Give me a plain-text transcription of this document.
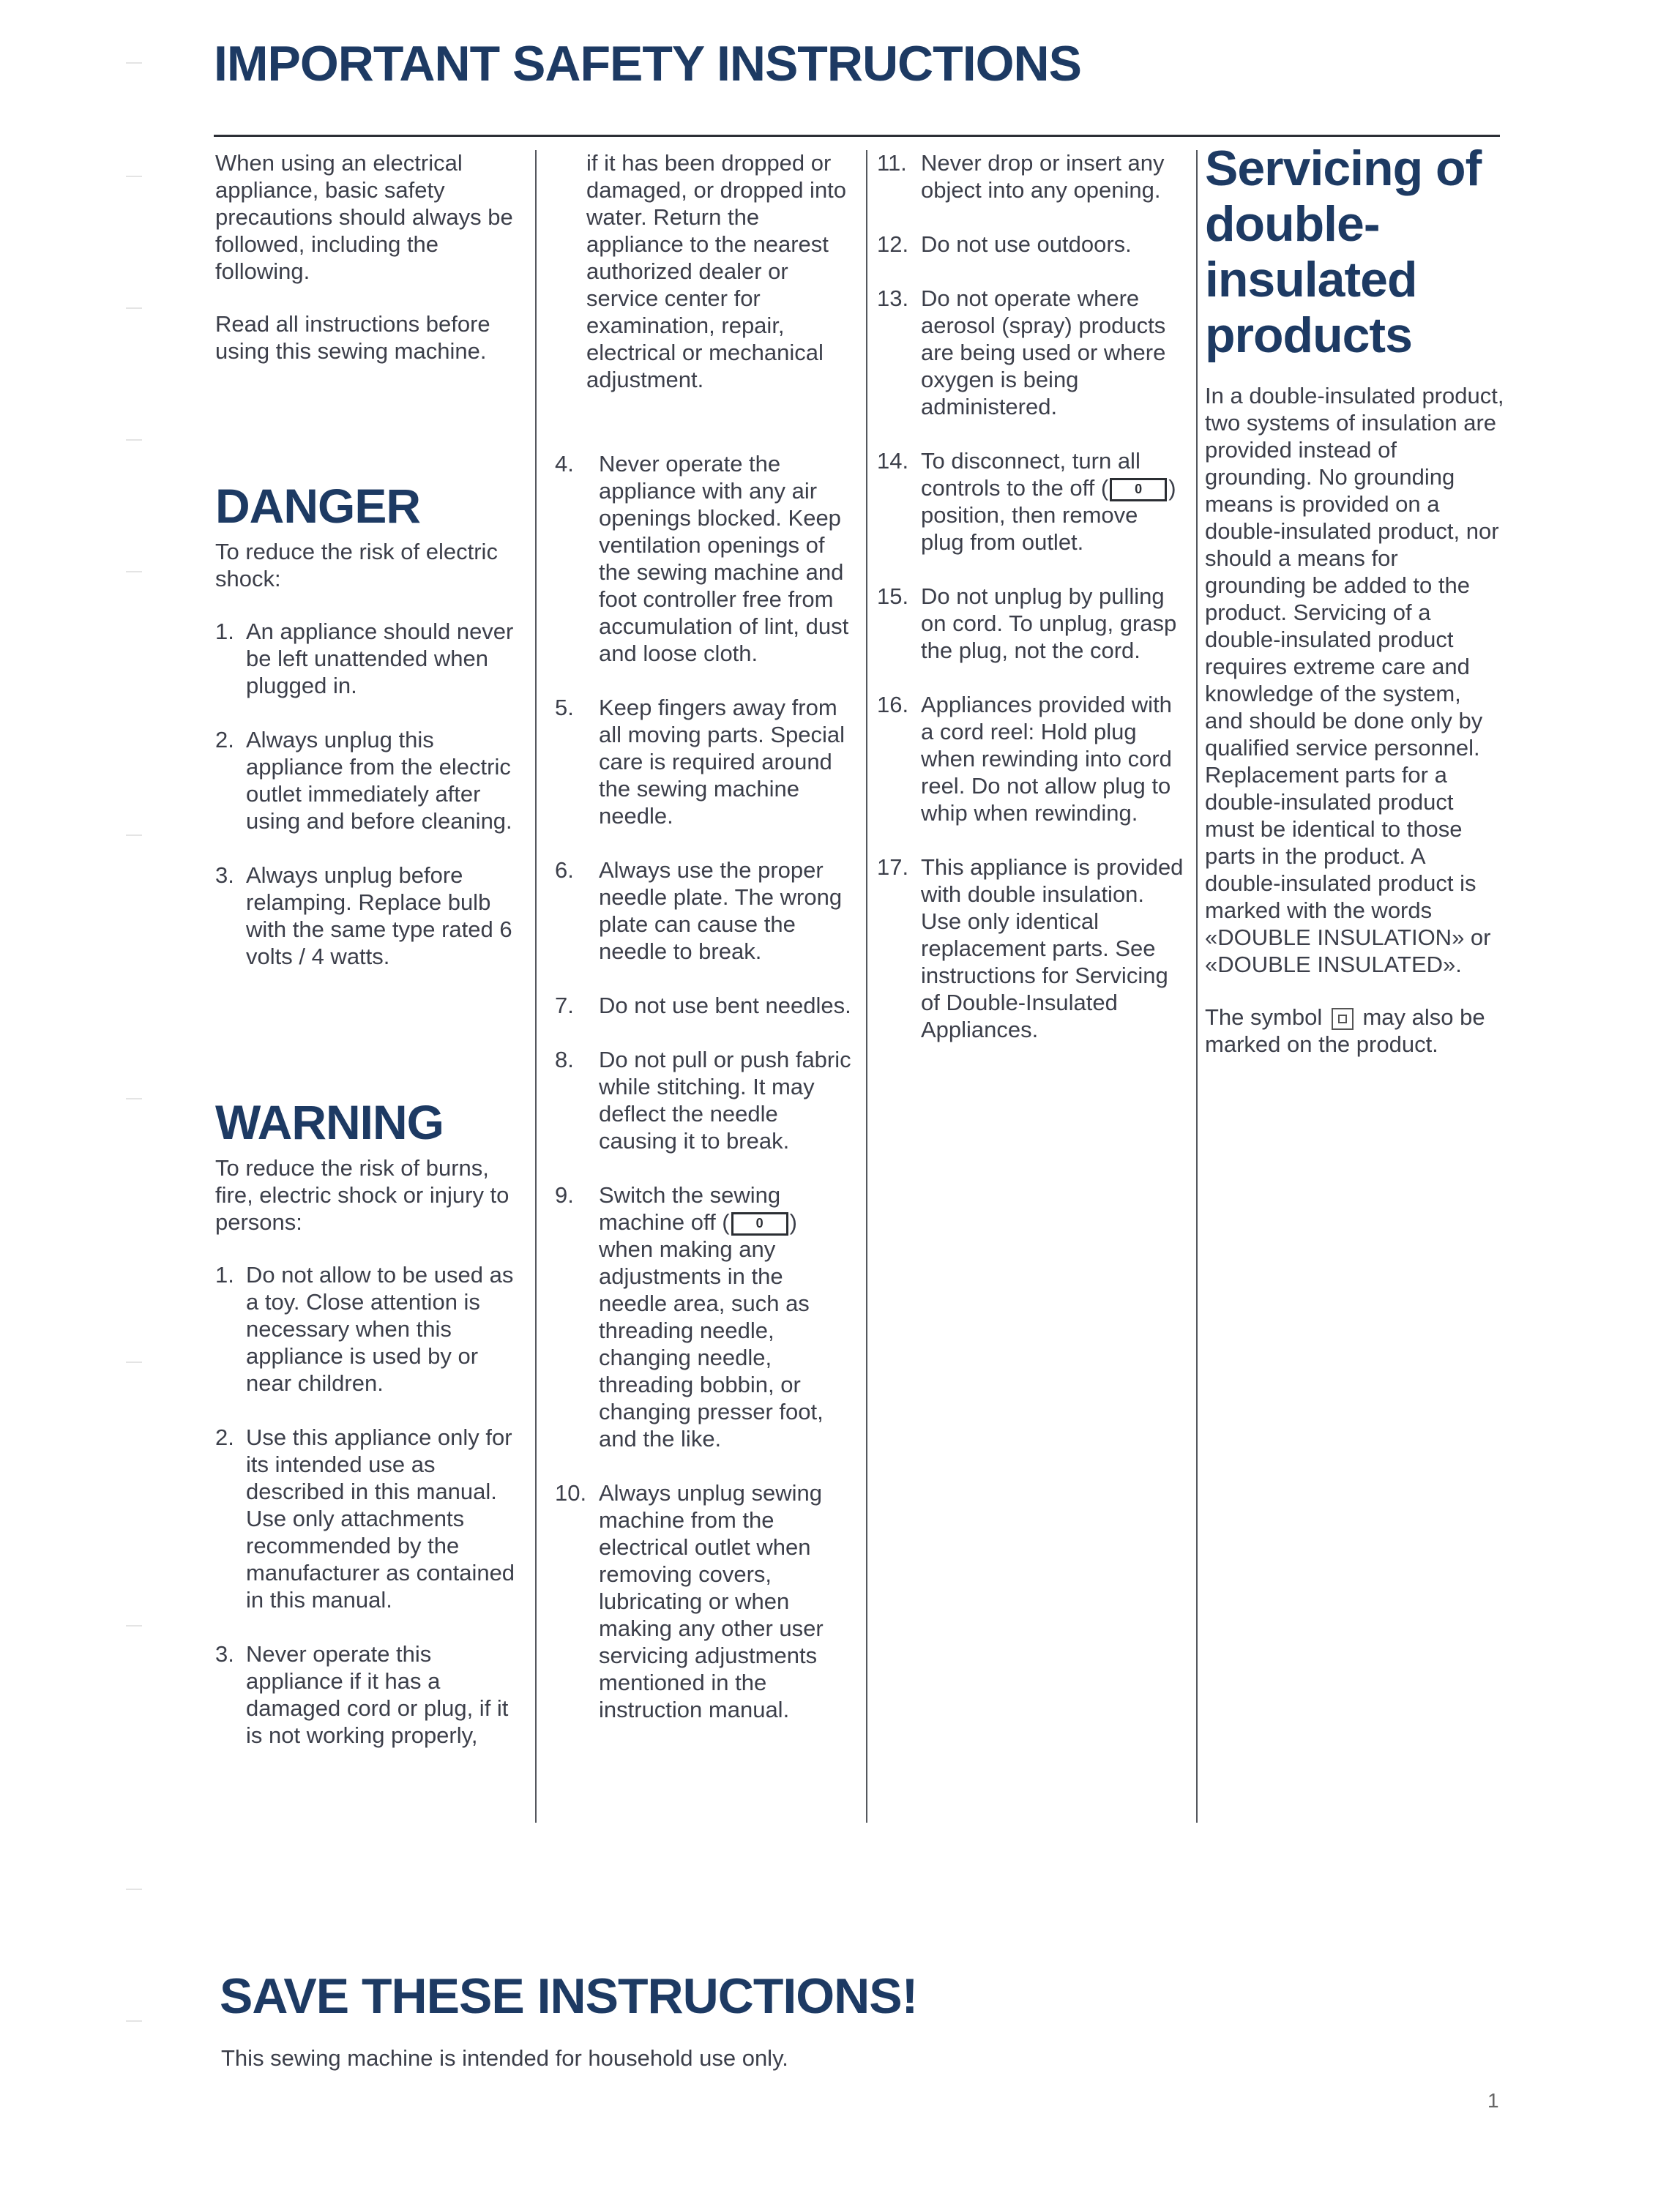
IMPORTANT SAFETY INSTRUCTIONS

When using an electrical appliance, basic safety precautions should always be followed, including the following.

Read all instructions before using this sewing machine.

DANGER

To reduce the risk of electric shock:

1. An appliance should never be left unattended when plugged in.
2. Always unplug this appliance from the electric outlet immediately after using and before cleaning.
3. Always unplug before relamping. Replace bulb with the same type rated 6 volts / 4 watts.
WARNING

To reduce the risk of burns, fire, electric shock or injury to persons:

1. Do not allow to be used as a toy. Close attention is necessary when this appliance is used by or near children.
2. Use this appliance only for its intended use as described in this manual. Use only attachments recommended by the manufacturer as contained in this manual.
3. Never operate this appliance if it has a damaged cord or plug, if it is not working properly,
if it has been dropped or damaged, or dropped into water. Return the appliance to the nearest authorized dealer or service center for examination, repair, electrical or mechanical adjustment.
4.	Never operate the appliance with any air openings blocked. Keep ventilation openings of the sewing machine and foot controller free from accumulation of lint, dust and loose cloth.
5.	Keep fingers away from all moving parts. Special care is required around the sewing machine needle.
6.	Always use the proper needle plate. The wrong plate can cause the needle to break.
7.	Do not use bent needles.
8.	Do not pull or push fabric while stitching. It may deflect the needle causing it to break.
9.	Switch the sewing machine off ( 0 ) when making any adjustments in the needle area, such as threading needle, changing needle, threading bobbin, or changing presser foot, and the like.
10. Always unplug sewing machine from the electrical outlet when removing covers, lubricating or when making any other user servicing adjustments mentioned in the instruction manual.
11. Never drop or insert any object into any opening.
12. Do not use outdoors.
13. Do not operate where aerosol (spray) products are being used or where oxygen is being administered.
14. To disconnect, turn all controls to the off ( 0 ) position, then remove plug from outlet.
15. Do not unplug by pulling on cord. To unplug, grasp the plug, not the cord.
16. Appliances provided with a cord reel: Hold plug when rewinding into cord reel. Do not allow plug to whip when rewinding.
17. This appliance is provided with double insulation. Use only identical replacement parts. See instructions for Servicing of Double-Insulated Appliances.
Servicing of double-insulated products

In a double-insulated product, two systems of insulation are provided instead of grounding. No grounding means is provided on a double-insulated product, nor should a means for grounding be added to the product. Servicing of a double-insulated product requires extreme care and knowledge of the system, and should be done only by qualified service personnel. Replacement parts for a double-insulated product must be identical to those parts in the product. A double-insulated product is marked with the words «DOUBLE INSULATION» or «DOUBLE INSULATED».

The symbol may also be marked on the product.

SAVE THESE INSTRUCTIONS!

This sewing machine is intended for household use only.

1
